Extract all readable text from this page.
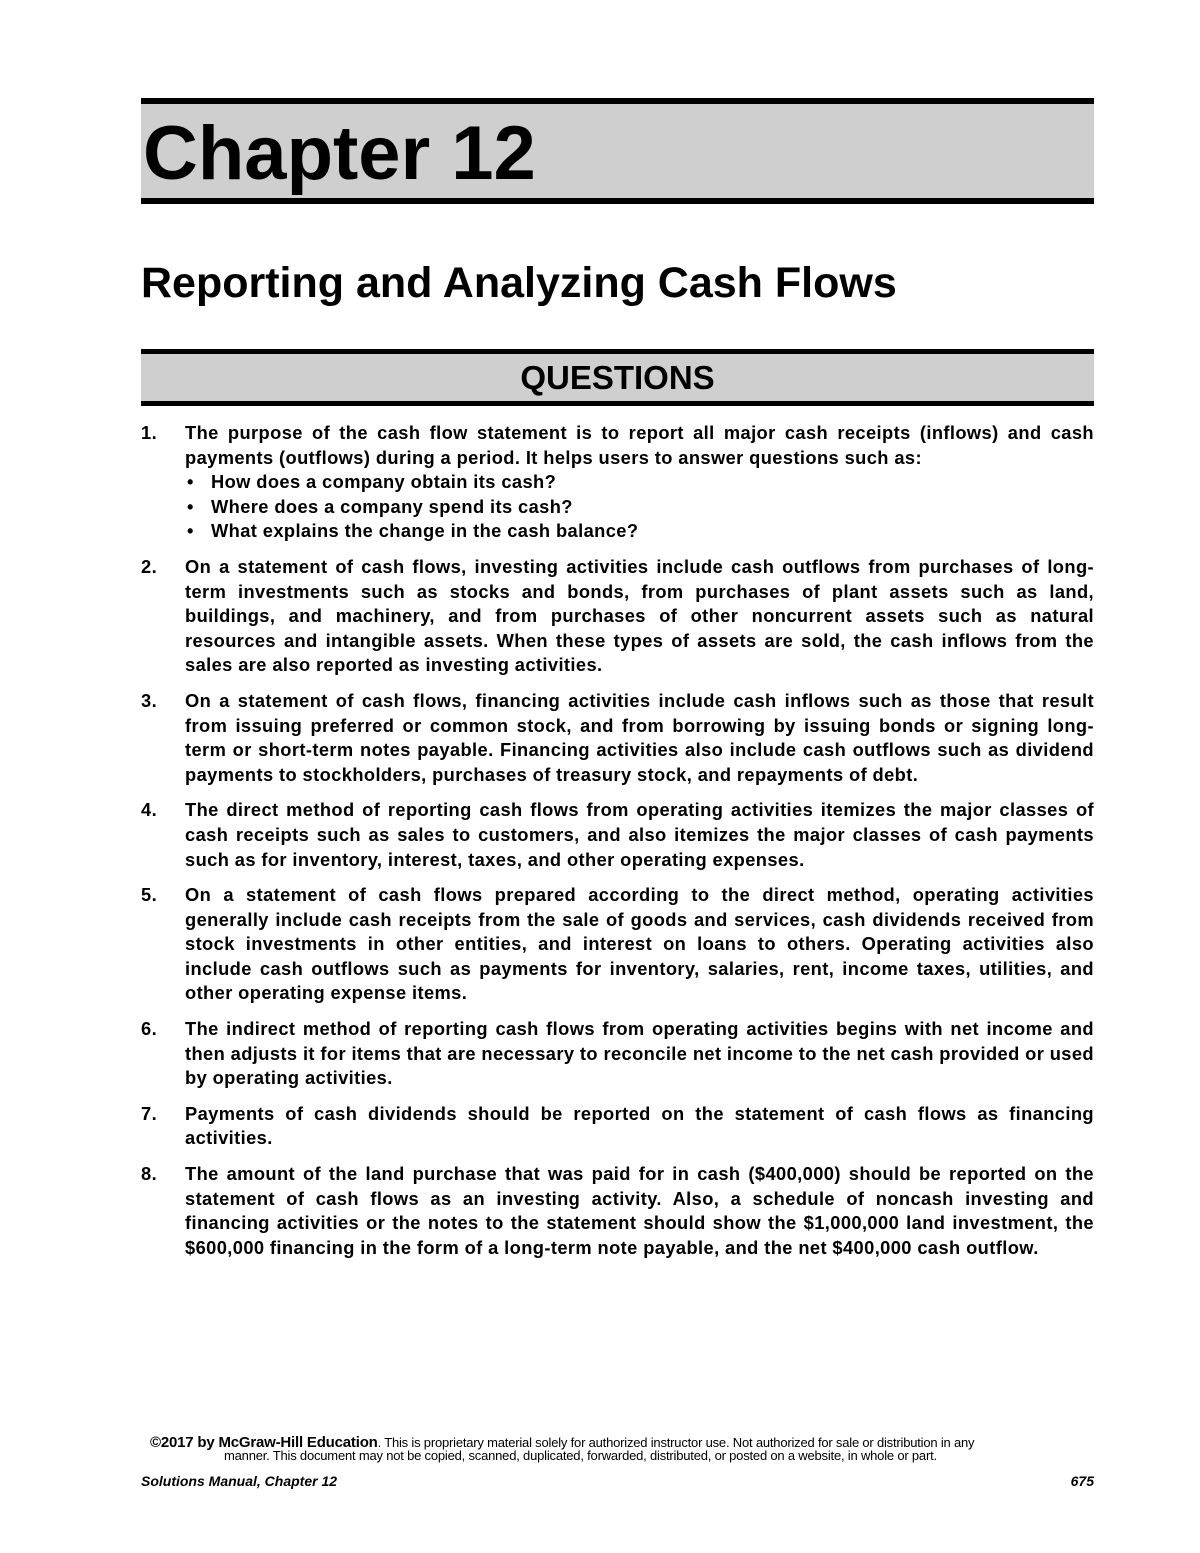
Chapter 12
Reporting and Analyzing Cash Flows
QUESTIONS
1. The purpose of the cash flow statement is to report all major cash receipts (inflows) and cash payments (outflows) during a period. It helps users to answer questions such as:
• How does a company obtain its cash?
• Where does a company spend its cash?
• What explains the change in the cash balance?
2. On a statement of cash flows, investing activities include cash outflows from purchases of long-term investments such as stocks and bonds, from purchases of plant assets such as land, buildings, and machinery, and from purchases of other noncurrent assets such as natural resources and intangible assets. When these types of assets are sold, the cash inflows from the sales are also reported as investing activities.
3. On a statement of cash flows, financing activities include cash inflows such as those that result from issuing preferred or common stock, and from borrowing by issuing bonds or signing long-term or short-term notes payable. Financing activities also include cash outflows such as dividend payments to stockholders, purchases of treasury stock, and repayments of debt.
4. The direct method of reporting cash flows from operating activities itemizes the major classes of cash receipts such as sales to customers, and also itemizes the major classes of cash payments such as for inventory, interest, taxes, and other operating expenses.
5. On a statement of cash flows prepared according to the direct method, operating activities generally include cash receipts from the sale of goods and services, cash dividends received from stock investments in other entities, and interest on loans to others. Operating activities also include cash outflows such as payments for inventory, salaries, rent, income taxes, utilities, and other operating expense items.
6. The indirect method of reporting cash flows from operating activities begins with net income and then adjusts it for items that are necessary to reconcile net income to the net cash provided or used by operating activities.
7. Payments of cash dividends should be reported on the statement of cash flows as financing activities.
8. The amount of the land purchase that was paid for in cash ($400,000) should be reported on the statement of cash flows as an investing activity. Also, a schedule of noncash investing and financing activities or the notes to the statement should show the $1,000,000 land investment, the $600,000 financing in the form of a long-term note payable, and the net $400,000 cash outflow.

©2017 by McGraw-Hill Education. This is proprietary material solely for authorized instructor use. Not authorized for sale or distribution in any
manner. This document may not be copied, scanned, duplicated, forwarded, distributed, or posted on a website, in whole or part.

Solutions Manual, Chapter 12	675
